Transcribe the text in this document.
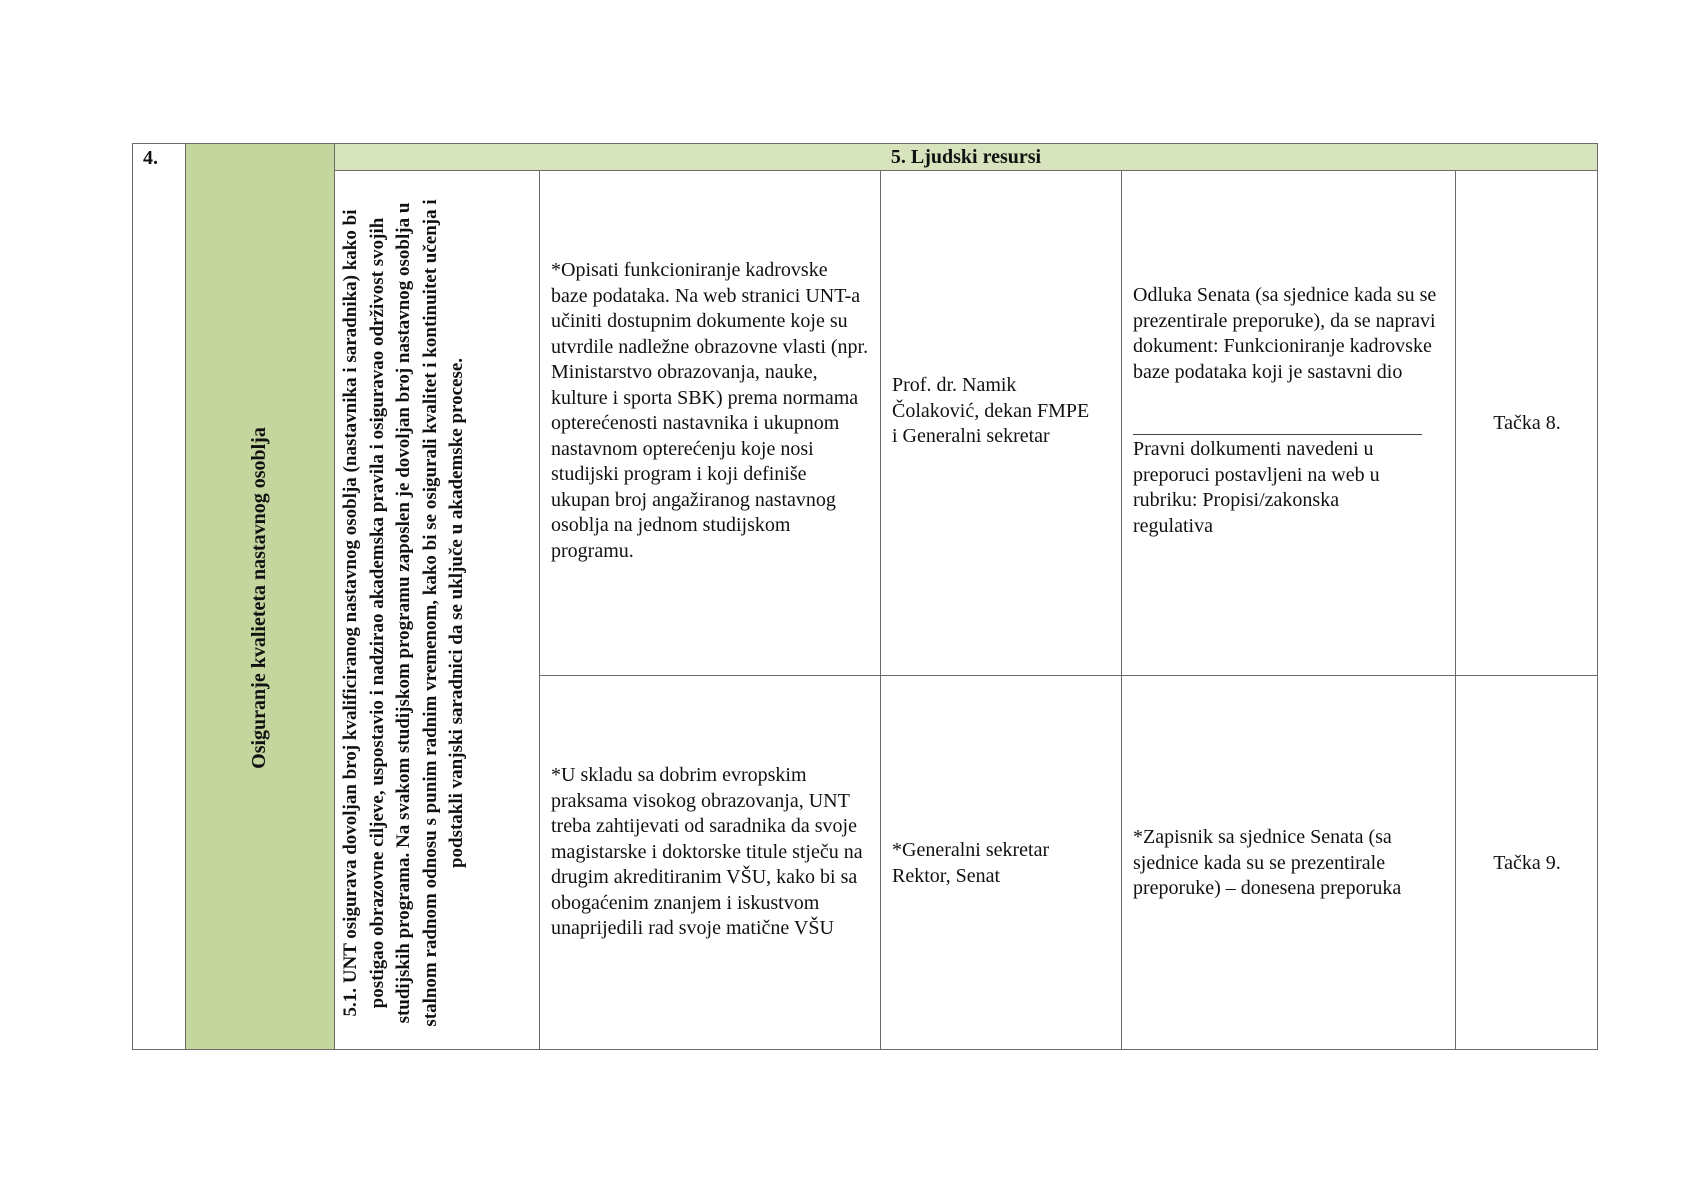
4.	5. Ljudski resursi
Osiguranje kvalieteta nastavnog osoblja	5.1. UNT osigurava dovoljan broj kvalificiranog nastavnog osoblja (nastavnika i saradnika) kako bi postigao obrazovne ciljeve, uspostavio i nadzirao akademska pravila i osiguravao održivost svojih studijskih programa. Na svakom studijskom programu zaposlen je dovoljan broj nastavnog osoblja u stalnom radnom odnosu s punim radnim vremenom, kako bi se osigurali kvalitet i kontinuitet učenja i podstakli vanjski saradnici da se uključe u akademske procese.
*Opisati funkcioniranje kadrovske baze podataka. Na web stranici UNT-a učiniti dostupnim dokumente koje su utvrdile nadležne obrazovne vlasti (npr. Ministarstvo obrazovanja, nauke, kulture i sporta SBK) prema normama opterećenosti nastavnika i ukupnom nastavnom opterećenju koje nosi studijski program i koji definiše ukupan broj angažiranog nastavnog osoblja na jednom studijskom programu.
Prof. dr. Namik Čolaković, dekan FMPE i Generalni sekretar
Odluka Senata (sa sjednice kada su se prezentirale preporuke), da se napravi dokument: Funkcioniranje kadrovske baze podataka koji je sastavni dio
Pravni dolkumenti navedeni u preporuci postavljeni na web u rubriku: Propisi/zakonska regulativa
Tačka 8.
*U skladu sa dobrim evropskim praksama visokog obrazovanja, UNT treba zahtijevati od saradnika da svoje magistarske i doktorske titule stječu na drugim akreditiranim VŠU, kako bi sa obogaćenim znanjem i iskustvom unaprijedili rad svoje matične VŠU
*Generalni sekretar Rektor, Senat
*Zapisnik sa sjednice Senata (sa sjednice kada su se prezentirale preporuke) – donesena preporuka
Tačka 9.
